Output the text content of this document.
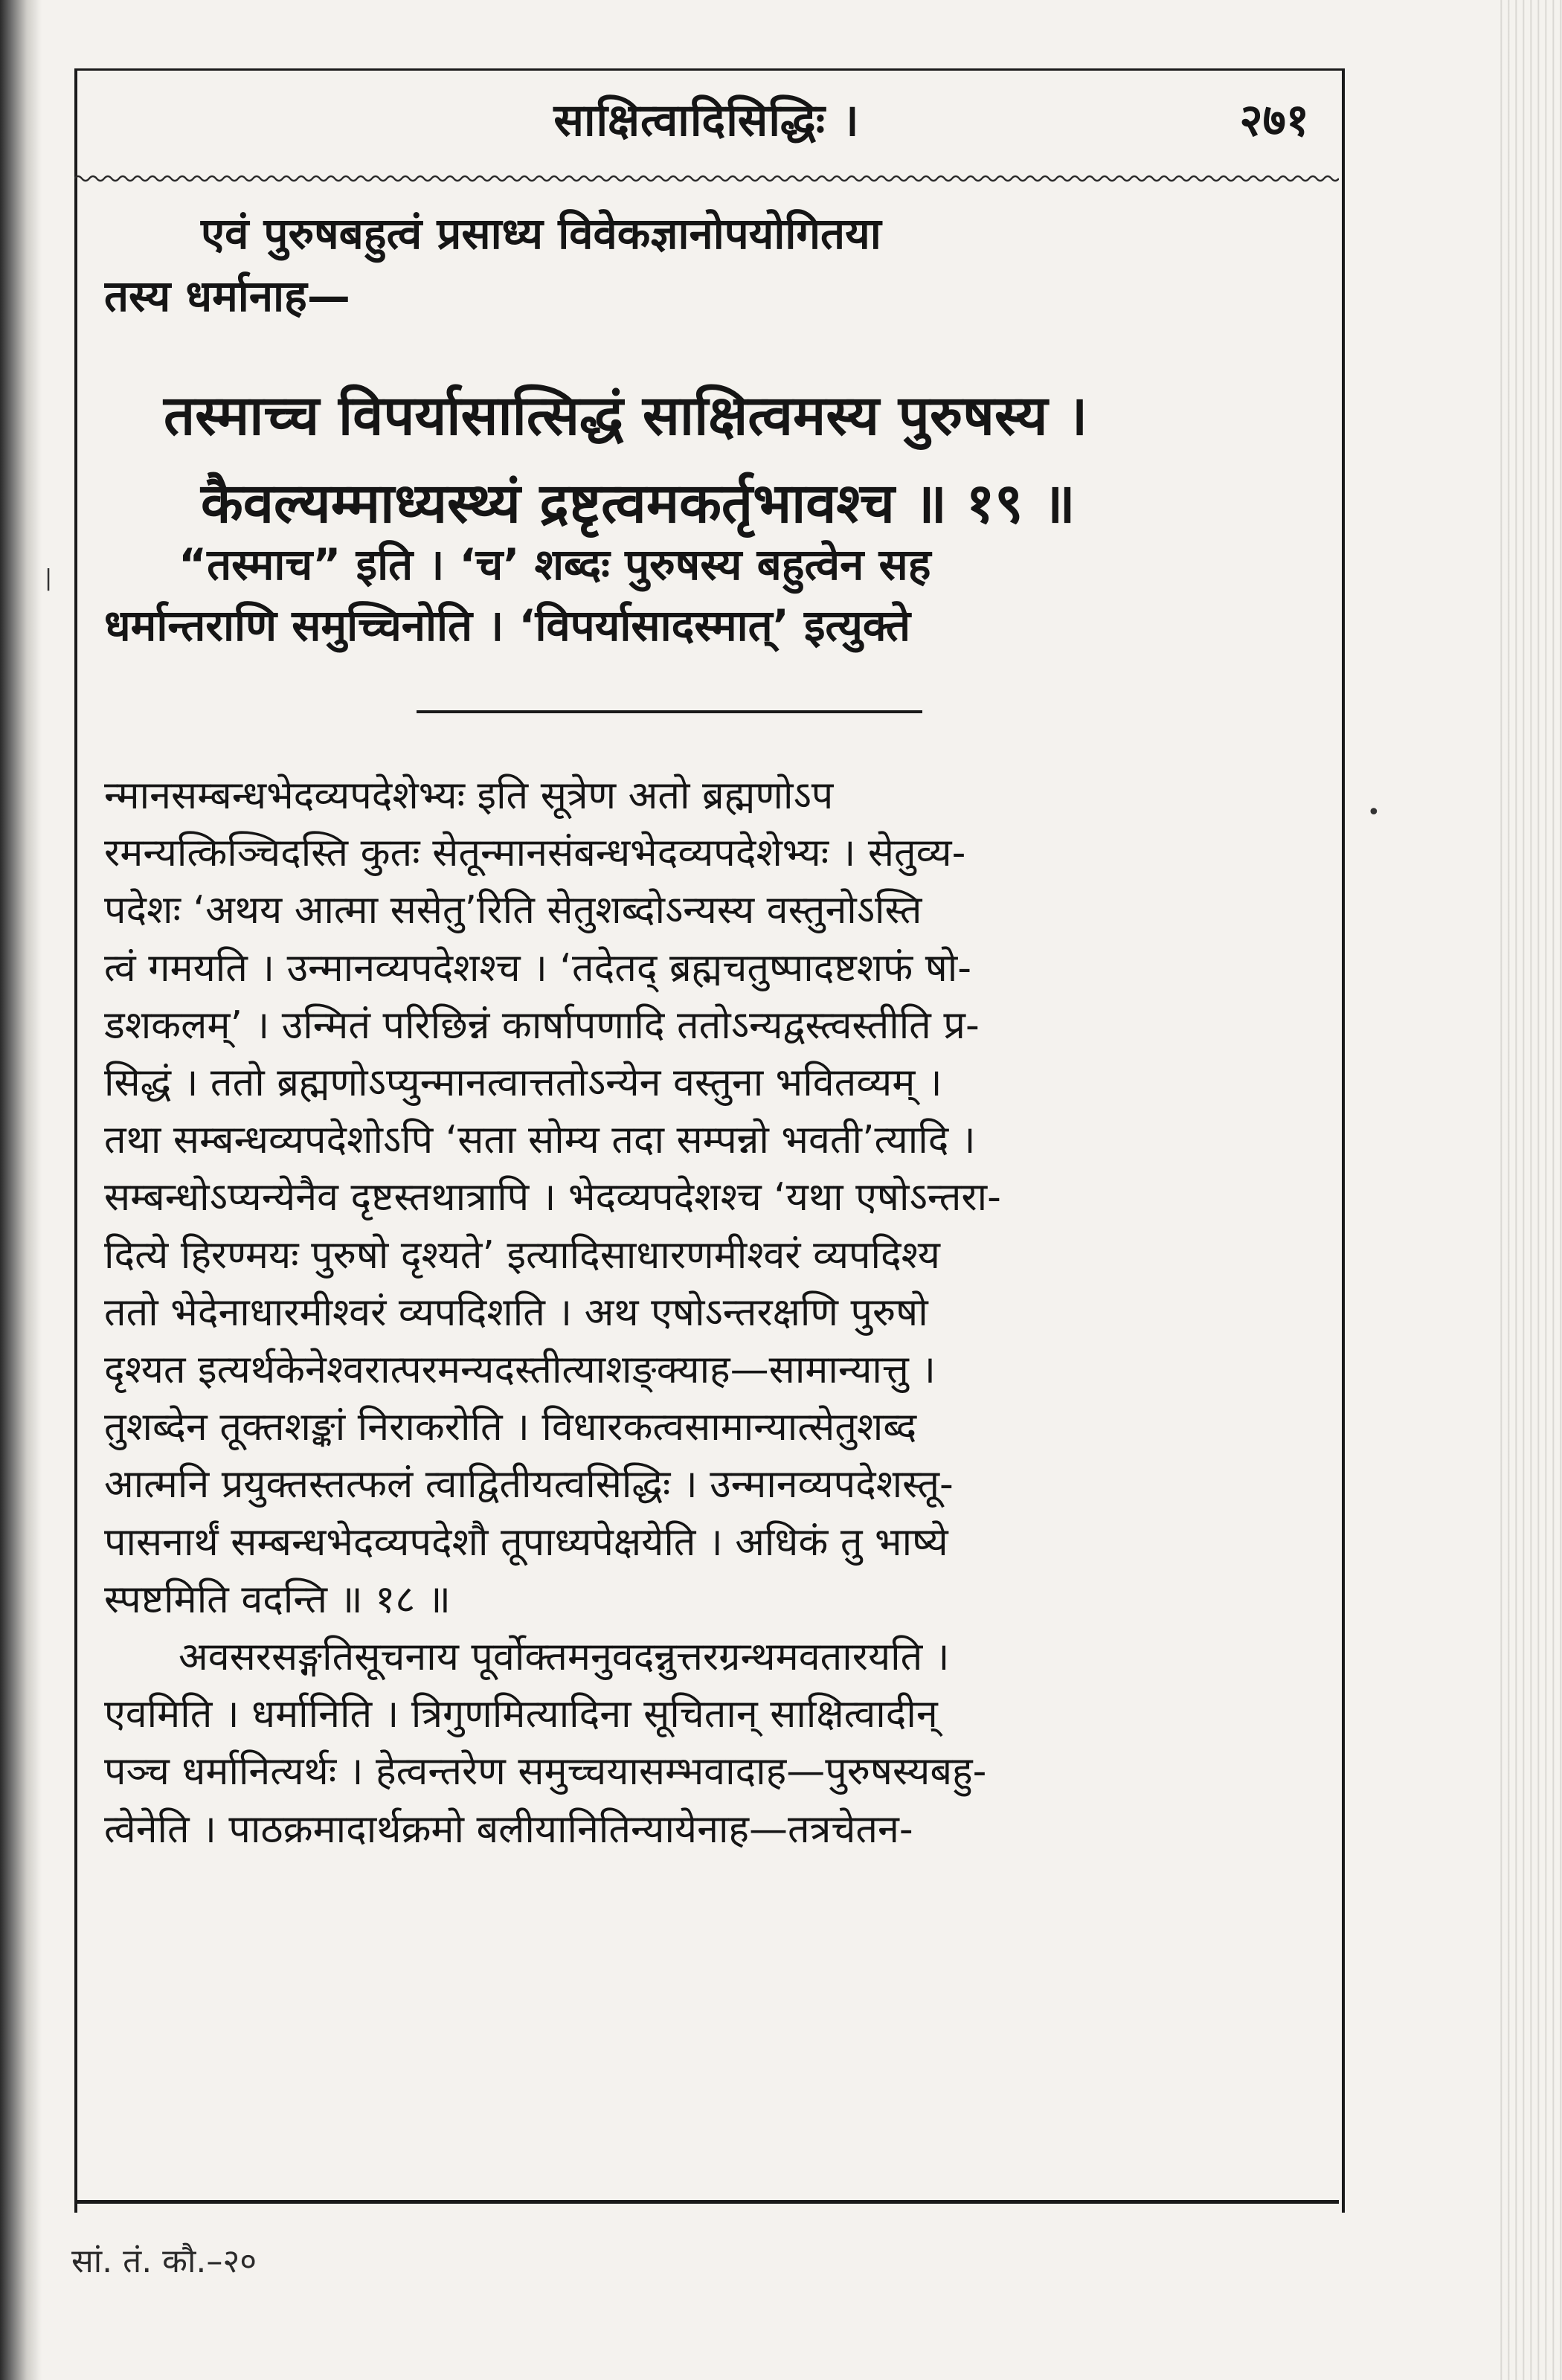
साक्षित्वादिसिद्धिः ।	२७१
एवं पुरुषबहुत्वं प्रसाध्य विवेकज्ञानोपयोगितया
तस्य धर्मानाह—
तस्माच्च विपर्यासात्सिद्धं साक्षित्वमस्य पुरुषस्य ।
कैवल्यम्माध्यस्थ्यं द्रष्टृत्वमकर्तृभावश्च ॥ १९ ॥
“तस्माच” इति । ‘च’ शब्दः पुरुषस्य बहुत्वेन सह
धर्मान्तराणि समुच्चिनोति । ‘विपर्यासादस्मात्’ इत्युक्ते
न्मानसम्बन्धभेदव्यपदेशेभ्यः इति सूत्रेण अतो ब्रह्मणोऽप
रमन्यत्किञ्चिदस्ति कुतः सेतून्मानसंबन्धभेदव्यपदेशेभ्यः । सेतुव्य-
पदेशः ‘अथय आत्मा ससेतु’रिति सेतुशब्दोऽन्यस्य वस्तुनोऽस्ति
त्वं गमयति । उन्मानव्यपदेशश्च । ‘तदेतद् ब्रह्मचतुष्पादष्टशफं षो-
डशकलम्’ । उन्मितं परिछिन्नं कार्षापणादि ततोऽन्यद्वस्त्वस्तीति प्र-
सिद्धं । ततो ब्रह्मणोऽप्युन्मानत्वात्ततोऽन्येन वस्तुना भवितव्यम् ।
तथा सम्बन्धव्यपदेशोऽपि ‘सता सोम्य तदा सम्पन्नो भवती’त्यादि ।
सम्बन्धोऽप्यन्येनैव दृष्टस्तथात्रापि । भेदव्यपदेशश्च ‘यथा एषोऽन्तरा-
दित्ये हिरण्मयः पुरुषो दृश्यते’ इत्यादिसाधारणमीश्वरं व्यपदिश्य
ततो भेदेनाधारमीश्वरं व्यपदिशति । अथ एषोऽन्तरक्षणि पुरुषो
दृश्यत इत्यर्थकेनेश्वरात्परमन्यदस्तीत्याशङ्क्याह—सामान्यात्तु ।
तुशब्देन तूक्तशङ्कां निराकरोति । विधारकत्वसामान्यात्सेतुशब्द
आत्मनि प्रयुक्तस्तत्फलं त्वाद्वितीयत्वसिद्धिः । उन्मानव्यपदेशस्तू-
पासनार्थं सम्बन्धभेदव्यपदेशौ तूपाध्यपेक्षयेति । अधिकं तु भाष्ये
स्पष्टमिति वदन्ति ॥ १८ ॥
अवसरसङ्गतिसूचनाय पूर्वोक्तमनुवदन्नुत्तरग्रन्थमवतारयति ।
एवमिति । धर्मानिति । त्रिगुणमित्यादिना सूचितान् साक्षित्वादीन्
पञ्च धर्मानित्यर्थः । हेत्वन्तरेण समुच्चयासम्भवादाह—पुरुषस्यबहु-
त्वेनेति । पाठक्रमादार्थक्रमो बलीयानितिन्यायेनाह—तत्रचेतन-
सां. तं. कौ.–२०
•
|
